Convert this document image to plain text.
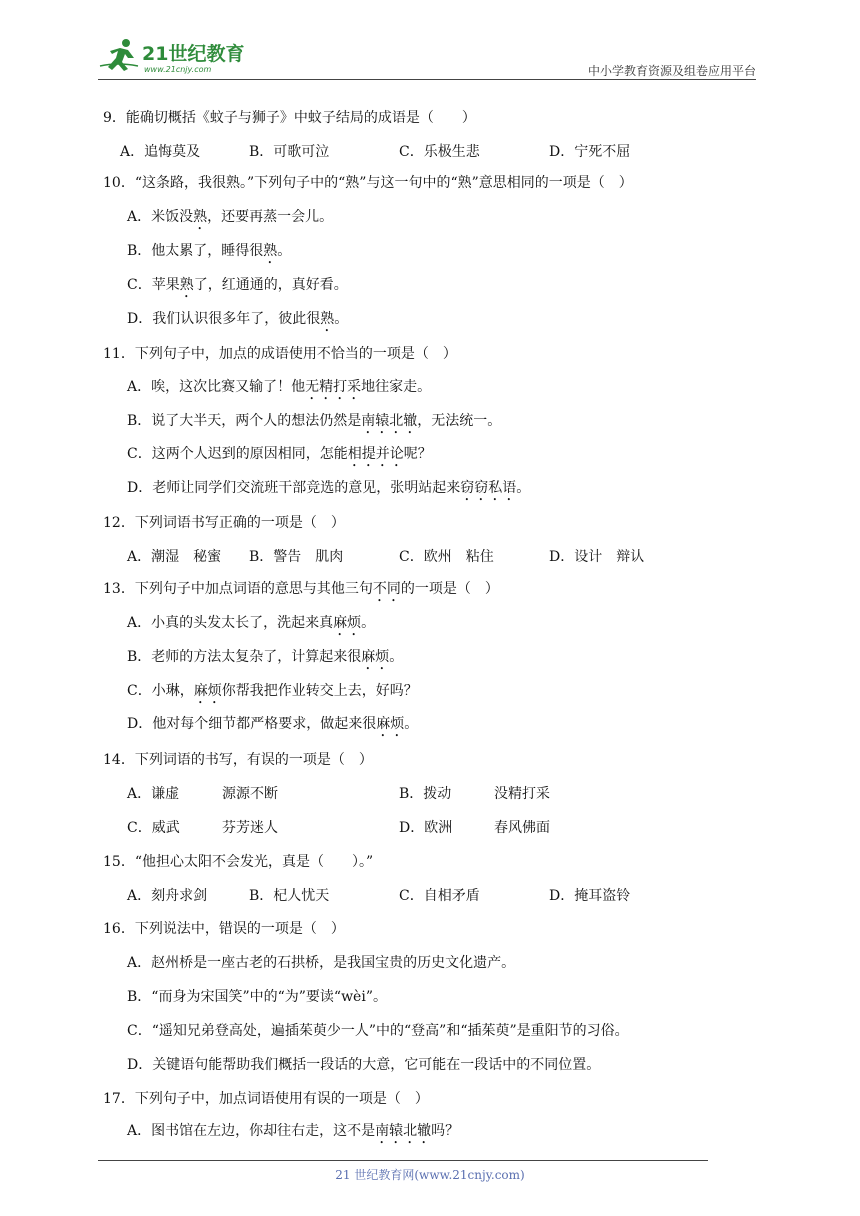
21世纪教育
www.21cnjy.com	中小学教育资源及组卷应用平台
9．能确切概括《蚊子与狮子》中蚊子结局的成语是（　　）
A．追悔莫及	B．可歌可泣	C．乐极生悲	D．宁死不屈
10．“这条路，我很熟。”下列句子中的“熟”与这一句中的“熟”意思相同的一项是（　）
A．米饭没熟，还要再蒸一会儿。
B．他太累了，睡得很熟。
C．苹果熟了，红通通的，真好看。
D．我们认识很多年了，彼此很熟。
11．下列句子中，加点的成语使用不恰当的一项是（　）
A．唉，这次比赛又输了！他无精打采地往家走。
B．说了大半天，两个人的想法仍然是南辕北辙，无法统一。
C．这两个人迟到的原因相同，怎能相提并论呢？
D．老师让同学们交流班干部竞选的意见，张明站起来窃窃私语。
12．下列词语书写正确的一项是（　）
A．潮湿　秘蜜 B．警告　肌肉	C．欧州　粘住	D．设计　辩认
13．下列句子中加点词语的意思与其他三句不同的一项是（　）
A．小真的头发太长了，洗起来真麻烦。
B．老师的方法太复杂了，计算起来很麻烦。
C．小琳，麻烦你帮我把作业转交上去，好吗？
D．他对每个细节都严格要求，做起来很麻烦。
14．下列词语的书写，有误的一项是（　）
A．谦虚	源源不断	B．拨动	没精打采
C．威武	芬芳迷人	D．欧洲	春风佛面
15．“他担心太阳不会发光，真是（　　）。”
A．刻舟求剑	B．杞人忧天	C．自相矛盾	D．掩耳盗铃
16．下列说法中，错误的一项是（　）
A．赵州桥是一座古老的石拱桥，是我国宝贵的历史文化遗产。
B．“而身为宋国笑”中的“为”要读“wèi”。
C．“遥知兄弟登高处，遍插茱萸少一人”中的“登高”和“插茱萸”是重阳节的习俗。
D．关键语句能帮助我们概括一段话的大意，它可能在一段话中的不同位置。
17．下列句子中，加点词语使用有误的一项是（　）
A．图书馆在左边，你却往右走，这不是南辕北辙吗？
21 世纪教育网(www.21cnjy.com)
